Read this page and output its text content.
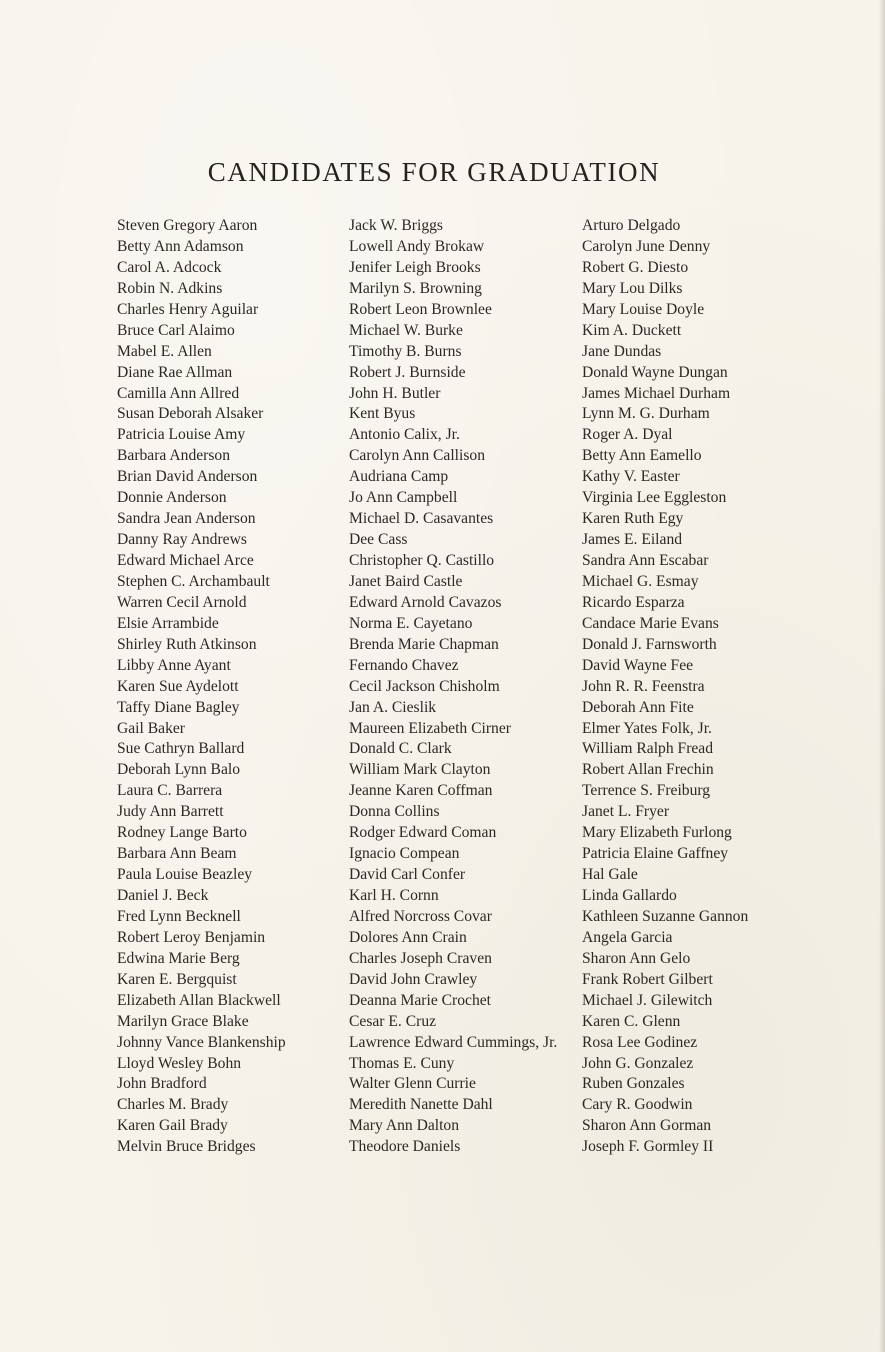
CANDIDATES FOR GRADUATION
Steven Gregory Aaron
Betty Ann Adamson
Carol A. Adcock
Robin N. Adkins
Charles Henry Aguilar
Bruce Carl Alaimo
Mabel E. Allen
Diane Rae Allman
Camilla Ann Allred
Susan Deborah Alsaker
Patricia Louise Amy
Barbara Anderson
Brian David Anderson
Donnie Anderson
Sandra Jean Anderson
Danny Ray Andrews
Edward Michael Arce
Stephen C. Archambault
Warren Cecil Arnold
Elsie Arrambide
Shirley Ruth Atkinson
Libby Anne Ayant
Karen Sue Aydelott
Taffy Diane Bagley
Gail Baker
Sue Cathryn Ballard
Deborah Lynn Balo
Laura C. Barrera
Judy Ann Barrett
Rodney Lange Barto
Barbara Ann Beam
Paula Louise Beazley
Daniel J. Beck
Fred Lynn Becknell
Robert Leroy Benjamin
Edwina Marie Berg
Karen E. Bergquist
Elizabeth Allan Blackwell
Marilyn Grace Blake
Johnny Vance Blankenship
Lloyd Wesley Bohn
John Bradford
Charles M. Brady
Karen Gail Brady
Melvin Bruce Bridges
Jack W. Briggs
Lowell Andy Brokaw
Jenifer Leigh Brooks
Marilyn S. Browning
Robert Leon Brownlee
Michael W. Burke
Timothy B. Burns
Robert J. Burnside
John H. Butler
Kent Byus
Antonio Calix, Jr.
Carolyn Ann Callison
Audriana Camp
Jo Ann Campbell
Michael D. Casavantes
Dee Cass
Christopher Q. Castillo
Janet Baird Castle
Edward Arnold Cavazos
Norma E. Cayetano
Brenda Marie Chapman
Fernando Chavez
Cecil Jackson Chisholm
Jan A. Cieslik
Maureen Elizabeth Cirner
Donald C. Clark
William Mark Clayton
Jeanne Karen Coffman
Donna Collins
Rodger Edward Coman
Ignacio Compean
David Carl Confer
Karl H. Cornn
Alfred Norcross Covar
Dolores Ann Crain
Charles Joseph Craven
David John Crawley
Deanna Marie Crochet
Cesar E. Cruz
Lawrence Edward Cummings, Jr.
Thomas E. Cuny
Walter Glenn Currie
Meredith Nanette Dahl
Mary Ann Dalton
Theodore Daniels
Arturo Delgado
Carolyn June Denny
Robert G. Diesto
Mary Lou Dilks
Mary Louise Doyle
Kim A. Duckett
Jane Dundas
Donald Wayne Dungan
James Michael Durham
Lynn M. G. Durham
Roger A. Dyal
Betty Ann Eamello
Kathy V. Easter
Virginia Lee Eggleston
Karen Ruth Egy
James E. Eiland
Sandra Ann Escabar
Michael G. Esmay
Ricardo Esparza
Candace Marie Evans
Donald J. Farnsworth
David Wayne Fee
John R. R. Feenstra
Deborah Ann Fite
Elmer Yates Folk, Jr.
William Ralph Fread
Robert Allan Frechin
Terrence S. Freiburg
Janet L. Fryer
Mary Elizabeth Furlong
Patricia Elaine Gaffney
Hal Gale
Linda Gallardo
Kathleen Suzanne Gannon
Angela Garcia
Sharon Ann Gelo
Frank Robert Gilbert
Michael J. Gilewitch
Karen C. Glenn
Rosa Lee Godinez
John G. Gonzalez
Ruben Gonzales
Cary R. Goodwin
Sharon Ann Gorman
Joseph F. Gormley II
